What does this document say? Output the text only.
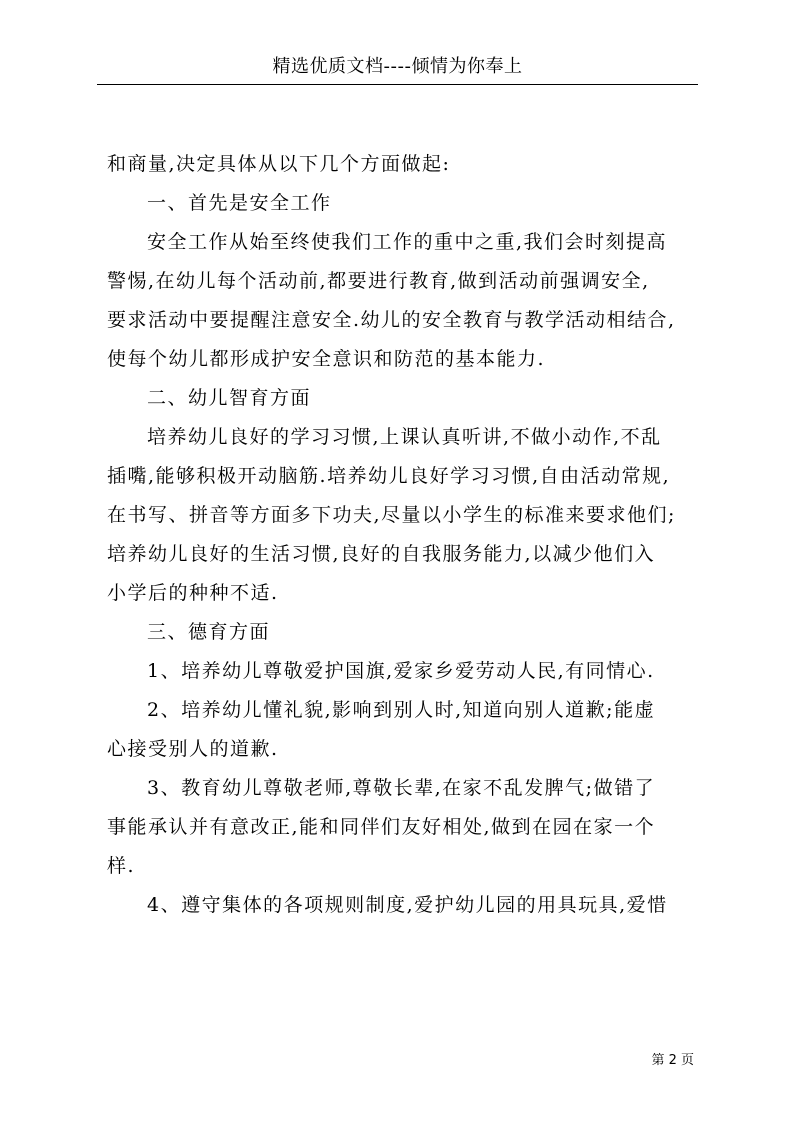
精选优质文档----倾情为你奉上
和商量,决定具体从以下几个方面做起:
一、首先是安全工作
安全工作从始至终使我们工作的重中之重,我们会时刻提高
警惕,在幼儿每个活动前,都要进行教育,做到活动前强调安全,
要求活动中要提醒注意安全.幼儿的安全教育与教学活动相结合,
使每个幼儿都形成护安全意识和防范的基本能力.
二、幼儿智育方面
培养幼儿良好的学习习惯,上课认真听讲,不做小动作,不乱
插嘴,能够积极开动脑筋.培养幼儿良好学习习惯,自由活动常规,
在书写、拼音等方面多下功夫,尽量以小学生的标准来要求他们;
培养幼儿良好的生活习惯,良好的自我服务能力,以减少他们入
小学后的种种不适.
三、德育方面
1、培养幼儿尊敬爱护国旗,爱家乡爱劳动人民,有同情心.
2、培养幼儿懂礼貌,影响到别人时,知道向别人道歉;能虚
心接受别人的道歉.
3、教育幼儿尊敬老师,尊敬长辈,在家不乱发脾气;做错了
事能承认并有意改正,能和同伴们友好相处,做到在园在家一个
样.
4、遵守集体的各项规则制度,爱护幼儿园的用具玩具,爱惜
第 2 页
